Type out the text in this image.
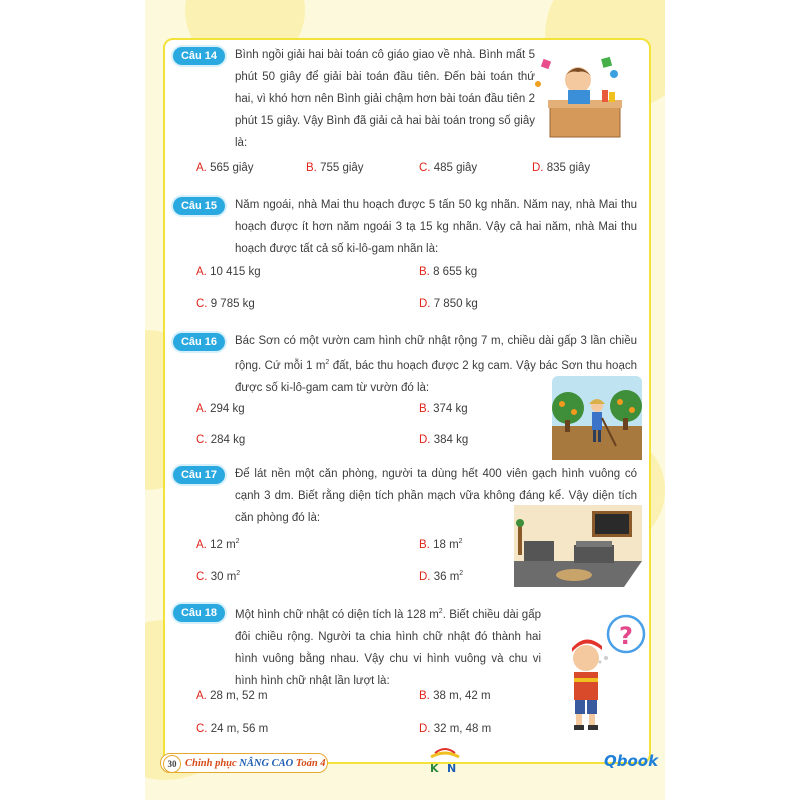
Câu 14	Bình ngồi giải hai bài toán cô giáo giao về nhà. Bình mất 5 phút 50 giây để giải bài toán đầu tiên. Đến bài toán thứ hai, vì khó hơn nên Bình giải chậm hơn bài toán đầu tiên 2 phút 15 giây. Vậy Bình đã giải cả hai bài toán trong số giây là:
A. 565 giây	B. 755 giây	C. 485 giây	D. 835 giây
Câu 15	Năm ngoái, nhà Mai thu hoạch được 5 tấn 50 kg nhãn. Năm nay, nhà Mai thu hoạch được ít hơn năm ngoái 3 tạ 15 kg nhãn. Vậy cả hai năm, nhà Mai thu hoạch được tất cả số ki-lô-gam nhãn là:
A. 10 415 kg	B. 8 655 kg
C. 9 785 kg	D. 7 850 kg
Câu 16	Bác Sơn có một vườn cam hình chữ nhật rộng 7 m, chiều dài gấp 3 lần chiều rộng. Cứ mỗi 1 $m^2$ đất, bác thu hoạch được 2 kg cam. Vậy bác Sơn thu hoạch được số ki-lô-gam cam từ vườn đó là:
A. 294 kg	B. 374 kg
C. 284 kg	D. 384 kg
Câu 17	Để lát nền một căn phòng, người ta dùng hết 400 viên gạch hình vuông có cạnh 3 dm. Biết rằng diện tích phần mạch vữa không đáng kể. Vậy diện tích căn phòng đó là:
A. 12 $m^2$	B. 18 $m^2$
C. 30 $m^2$	D. 36 $m^2$
Câu 18	Một hình chữ nhật có diện tích là 128 $m^2$. Biết chiều dài gấp đôi chiều rộng. Người ta chia hình chữ nhật đó thành hai hình vuông bằng nhau. Vậy chu vi hình vuông và chu vi hình hình chữ nhật lần lượt là:
A. 28 m, 52 m	B. 38 m, 42 m
C. 24 m, 56 m	D. 32 m, 48 m
?
30 Chinh phục NÂNG CAO Toán 4	K N	Qbook
